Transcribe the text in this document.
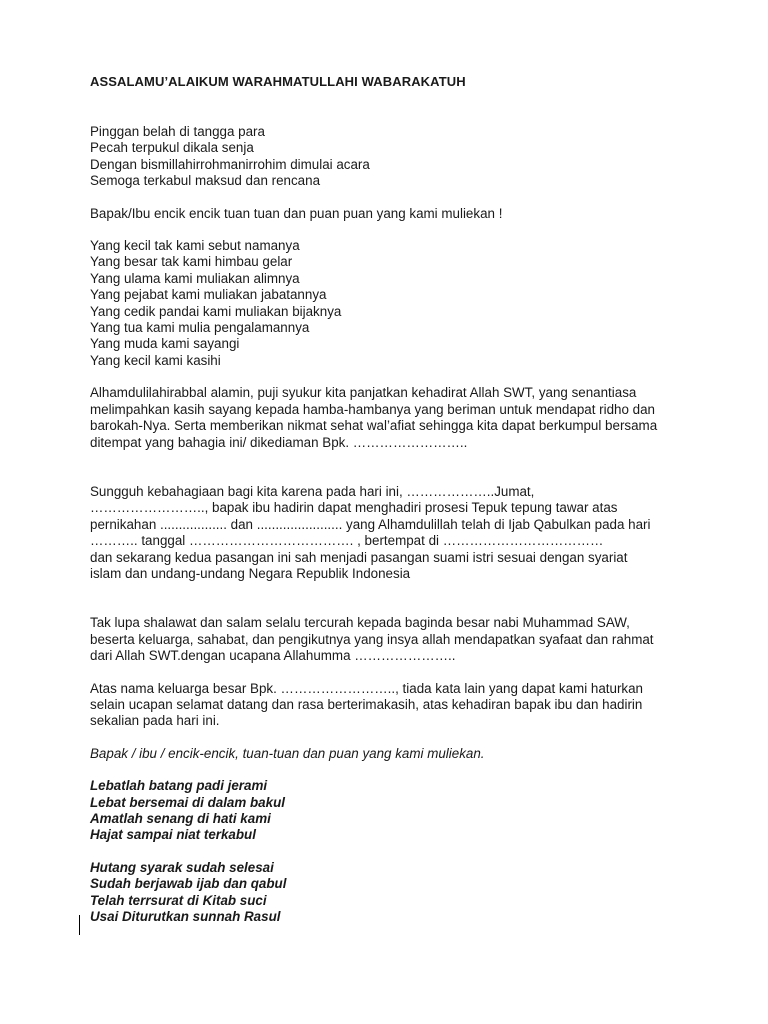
ASSALAMU’ALAIKUM WARAHMATULLAHI WABARAKATUH
Pinggan belah di tangga para
Pecah terpukul dikala senja
Dengan bismillahirrohmanirrohim dimulai acara
Semoga terkabul maksud dan rencana
Bapak/Ibu encik encik tuan tuan dan puan puan yang kami muliekan !
Yang kecil tak kami sebut namanya
Yang besar tak kami himbau gelar
Yang ulama kami muliakan alimnya
Yang pejabat kami muliakan jabatannya
Yang cedik pandai kami muliakan bijaknya
Yang tua kami mulia pengalamannya
Yang muda kami sayangi
Yang kecil kami kasihi
Alhamdulilahirabbal alamin, puji syukur kita panjatkan kehadirat Allah SWT, yang senantiasa
melimpahkan kasih sayang kepada hamba-hambanya yang beriman untuk mendapat ridho dan
barokah-Nya. Serta memberikan nikmat sehat wal’afiat sehingga kita dapat berkumpul bersama
ditempat yang bahagia ini/ dikediaman Bpk. ……………………..
Sungguh kebahagiaan bagi kita karena pada hari ini, ………………..Jumat,
…………………….., bapak ibu hadirin dapat menghadiri prosesi Tepuk tepung tawar atas
pernikahan .................. dan ....................... yang Alhamdulillah telah di Ijab Qabulkan pada hari
……….. tanggal ………………………………. , bertempat di ………………………………
dan sekarang kedua pasangan ini sah menjadi pasangan suami istri sesuai dengan syariat
islam dan undang-undang Negara Republik Indonesia
Tak lupa shalawat dan salam selalu tercurah kepada baginda besar nabi Muhammad SAW,
beserta keluarga, sahabat, dan pengikutnya yang insya allah mendapatkan syafaat dan rahmat
dari Allah SWT.dengan ucapana Allahumma …………………..
Atas nama keluarga besar Bpk. …………………….., tiada kata lain yang dapat kami haturkan
selain ucapan selamat datang dan rasa berterimakasih, atas kehadiran bapak ibu dan hadirin
sekalian pada hari ini.
Bapak / ibu / encik-encik, tuan-tuan dan puan yang kami muliekan.
Lebatlah batang padi jerami
Lebat bersemai di dalam bakul
Amatlah senang di hati kami
Hajat sampai niat terkabul
Hutang syarak sudah selesai
Sudah berjawab ijab dan qabul
Telah terrsurat di Kitab suci
Usai Diturutkan sunnah Rasul
